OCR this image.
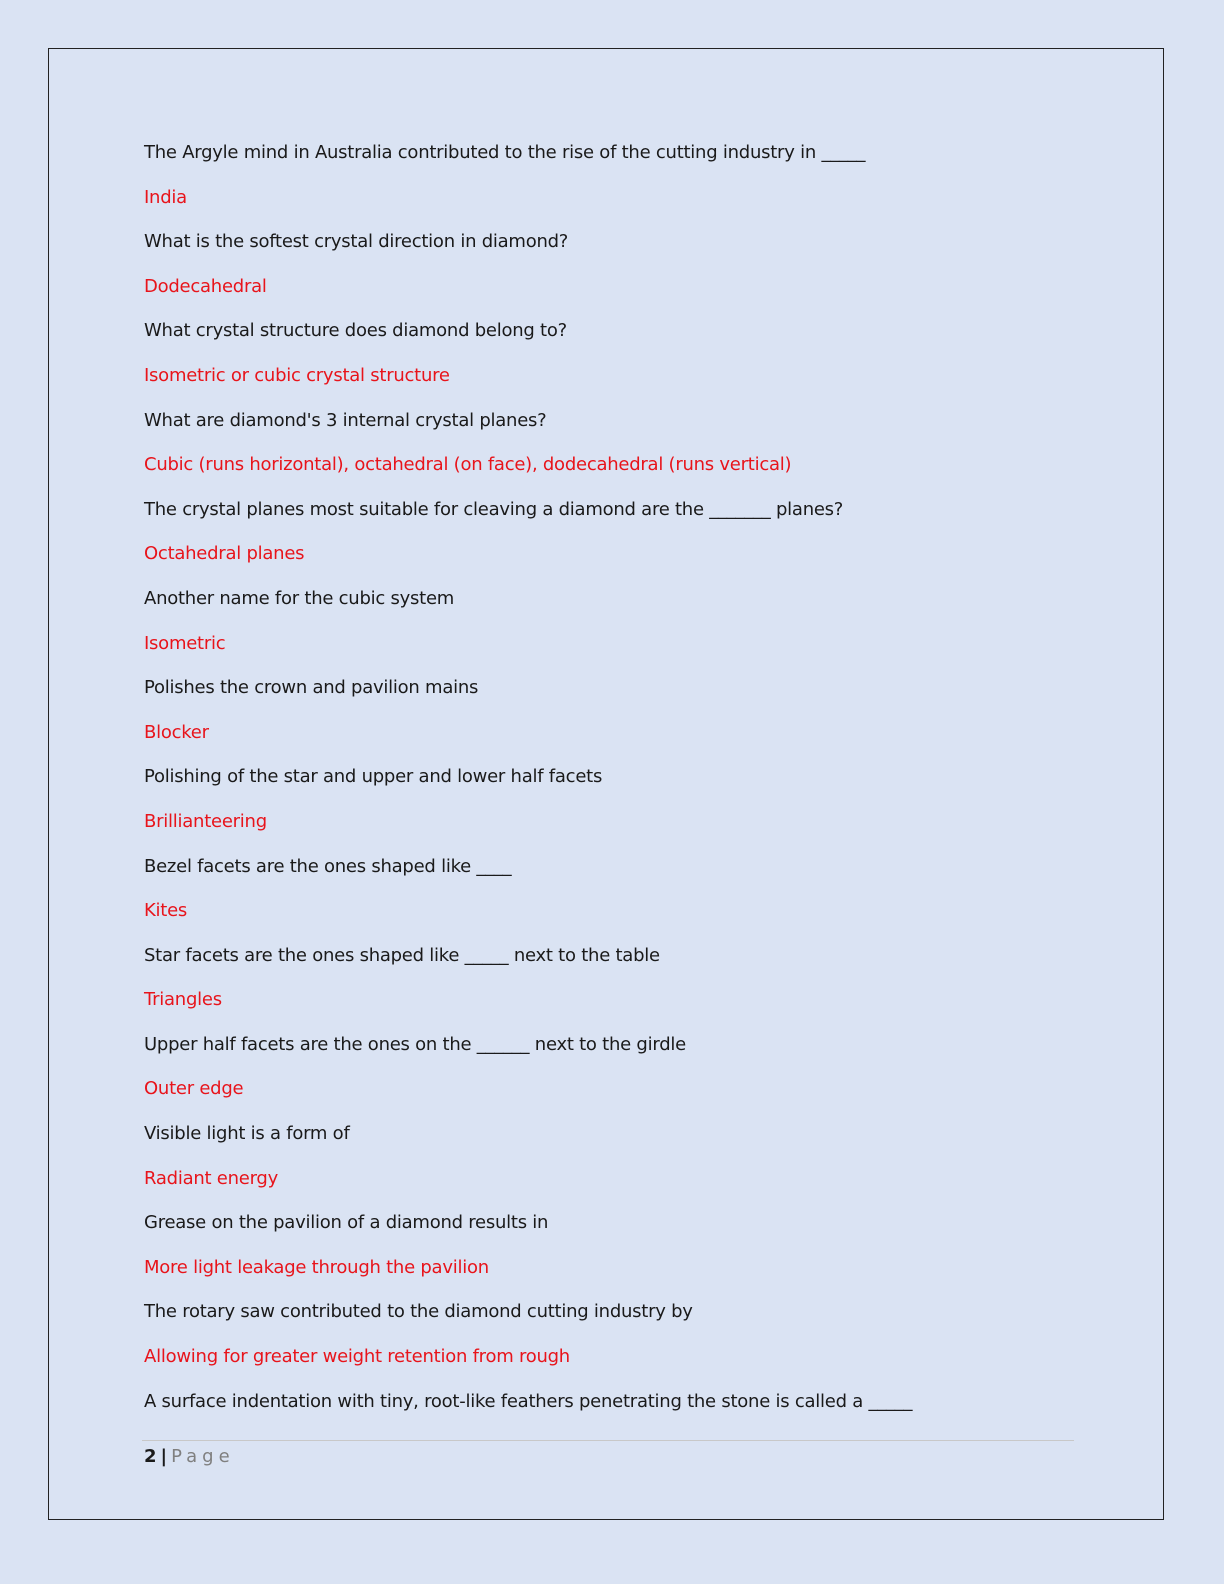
The Argyle mind in Australia contributed to the rise of the cutting industry in _____
India
What is the softest crystal direction in diamond?
Dodecahedral
What crystal structure does diamond belong to?
Isometric or cubic crystal structure
What are diamond's 3 internal crystal planes?
Cubic (runs horizontal), octahedral (on face), dodecahedral (runs vertical)
The crystal planes most suitable for cleaving a diamond are the _______ planes?
Octahedral planes
Another name for the cubic system
Isometric
Polishes the crown and pavilion mains
Blocker
Polishing of the star and upper and lower half facets
Brillianteering
Bezel facets are the ones shaped like ____
Kites
Star facets are the ones shaped like _____ next to the table
Triangles
Upper half facets are the ones on the ______ next to the girdle
Outer edge
Visible light is a form of
Radiant energy
Grease on the pavilion of a diamond results in
More light leakage through the pavilion
The rotary saw contributed to the diamond cutting industry by
Allowing for greater weight retention from rough
A surface indentation with tiny, root-like feathers penetrating the stone is called a _____
2 | Page
